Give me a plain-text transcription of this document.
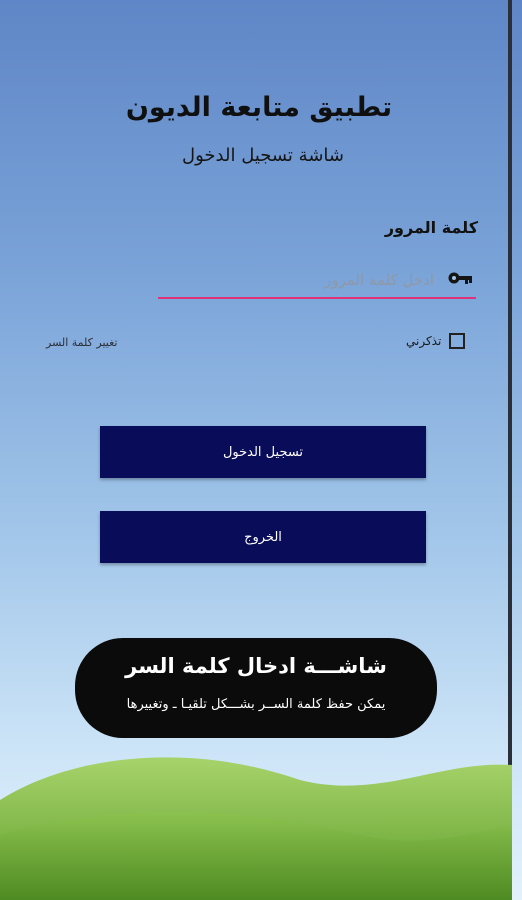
تطبيق متابعة الديون
شاشة تسجيل الدخول
كلمة المرور
تذكرني
تغيير كلمة السر
تسجيل الدخول
الخروج
شاشـــة ادخال كلمة السر
يمكن حفظ كلمة الســر بشـــكل تلقيـا ـ وتغييرها
